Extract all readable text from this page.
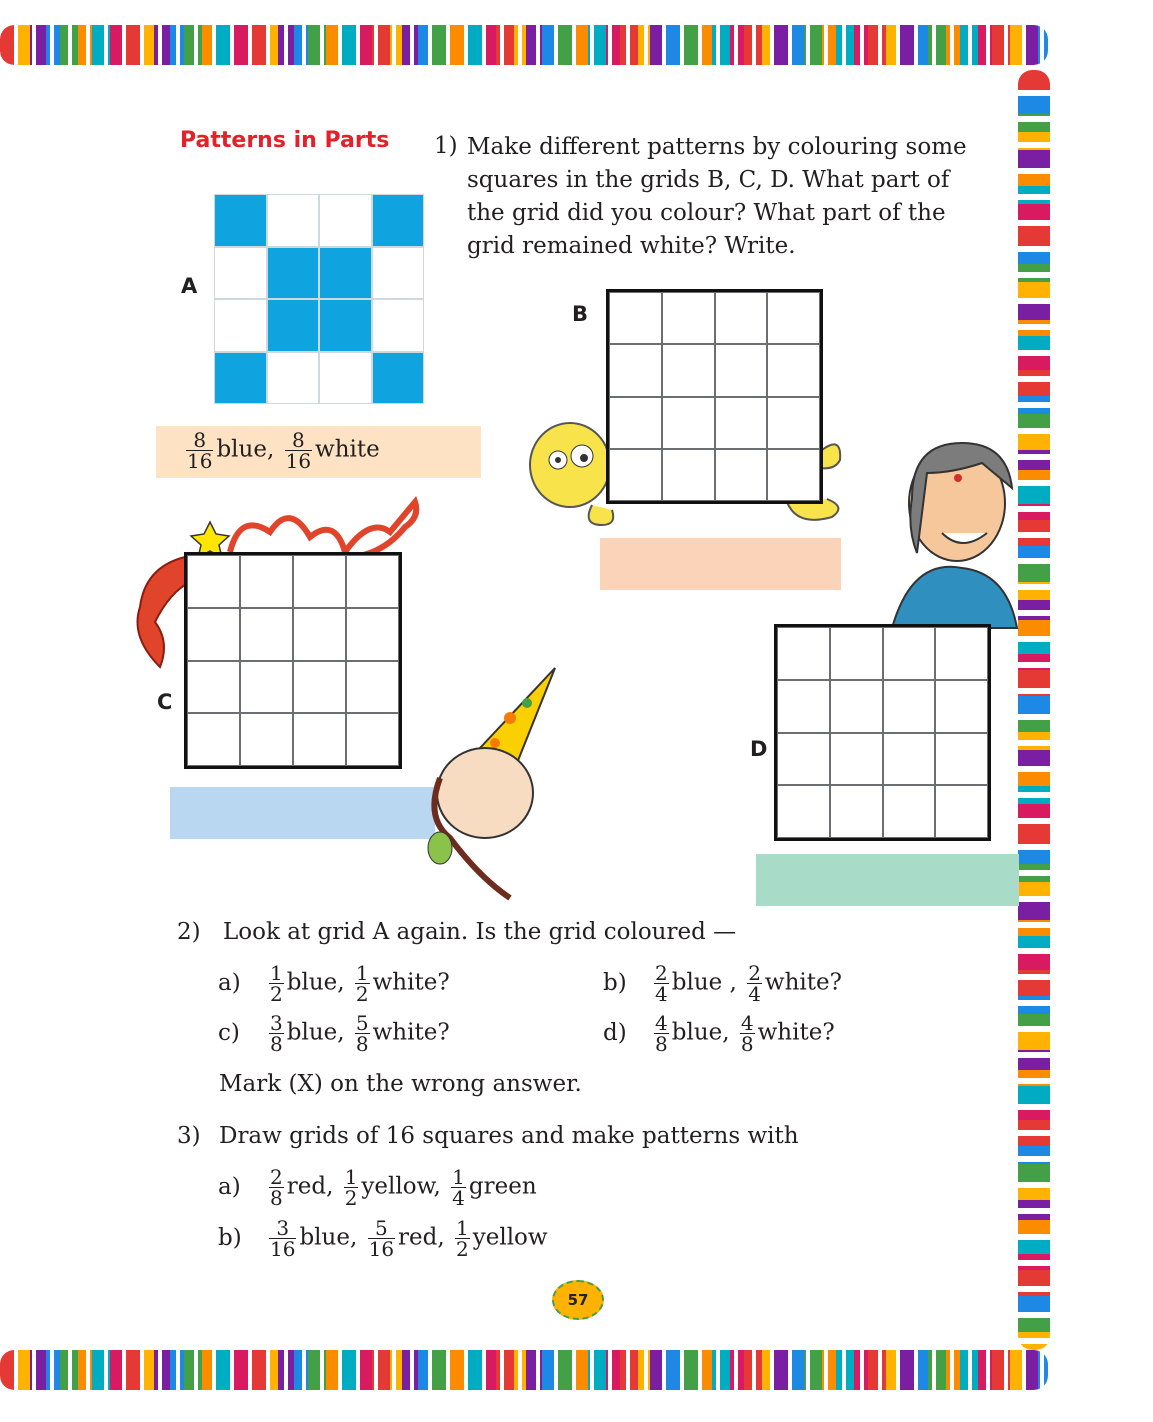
Patterns in Parts 1) Make different patterns by colouring some
squares in the grids B, C, D. What part of
the grid did you colour? What part of the
grid remained white? Write.
A
$\frac{8}{16}$ blue, $\frac{8}{16}$ white
B
C
D
2) Look at grid A again. Is the grid coloured —
$a) \frac{1}{2}$ blue, $\frac{1}{2}$ white?	$b) \frac{2}{4}$ blue , $\frac{2}{4}$ white?
$c) \frac{3}{8}$ blue, $\frac{5}{8}$ white?	$d) \frac{4}{8}$ blue, $\frac{4}{8}$ white?
Mark (X) on the wrong answer.
3) Draw grids of 16 squares and make patterns with
$a) \frac{2}{8}$ red, $\frac{1}{2}$ yellow, $\frac{1}{4}$ green
$b) \frac{3}{16}$ blue, $\frac{5}{16}$ red, $\frac{1}{2}$ yellow
57
